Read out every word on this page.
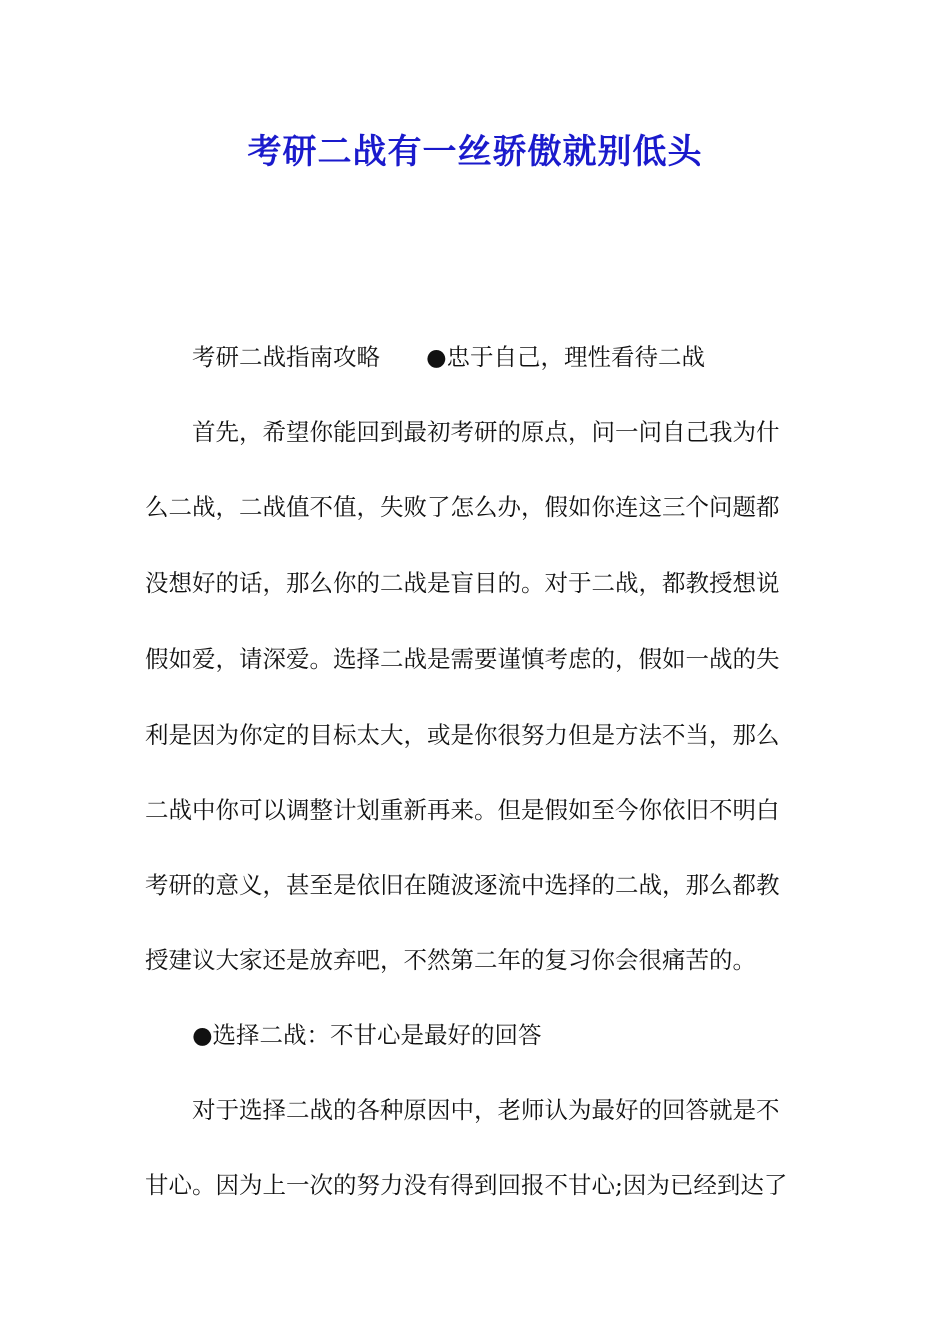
考研二战有一丝骄傲就别低头
考研二战指南攻略 ●忠于自己，理性看待二战
首先，希望你能回到最初考研的原点，问一问自己我为什
么二战，二战值不值，失败了怎么办，假如你连这三个问题都
没想好的话，那么你的二战是盲目的。对于二战，都教授想说
假如爱，请深爱。选择二战是需要谨慎考虑的，假如一战的失
利是因为你定的目标太大，或是你很努力但是方法不当，那么
二战中你可以调整计划重新再来。但是假如至今你依旧不明白
考研的意义，甚至是依旧在随波逐流中选择的二战，那么都教
授建议大家还是放弃吧，不然第二年的复习你会很痛苦的。
●选择二战：不甘心是最好的回答
对于选择二战的各种原因中，老师认为最好的回答就是不
甘心。因为上一次的努力没有得到回报不甘心;因为已经到达了
